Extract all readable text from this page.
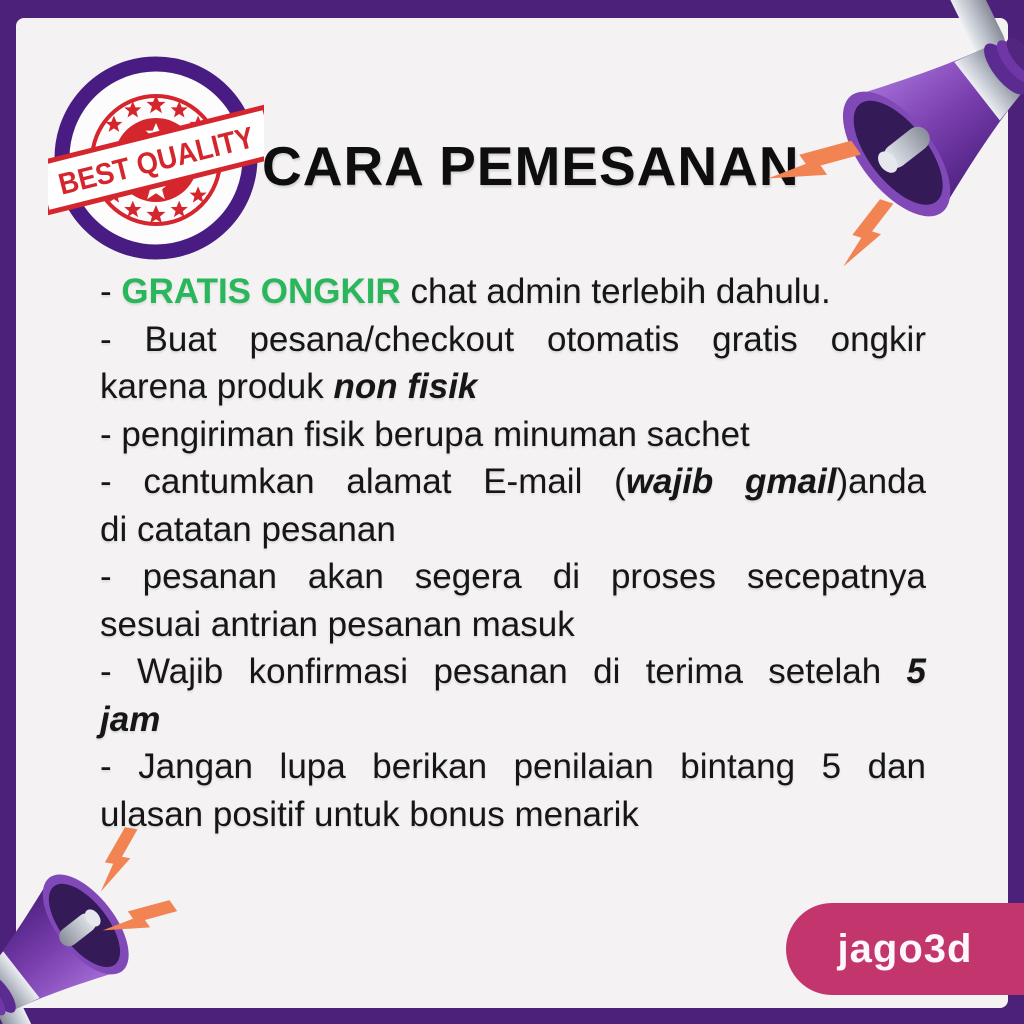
BEST QUALITY
CARA PEMESANAN
- GRATIS ONGKIR chat admin terlebih dahulu.
- Buat pesana/checkout otomatis gratis ongkir
karena produk non fisik
- pengiriman fisik berupa minuman sachet
- cantumkan alamat E-mail (wajib gmail)anda
di catatan pesanan
- pesanan akan segera di proses secepatnya
sesuai antrian pesanan masuk
- Wajib konfirmasi pesanan di terima setelah 5
jam
- Jangan lupa berikan penilaian bintang 5 dan
ulasan positif untuk bonus menarik
jago3d
